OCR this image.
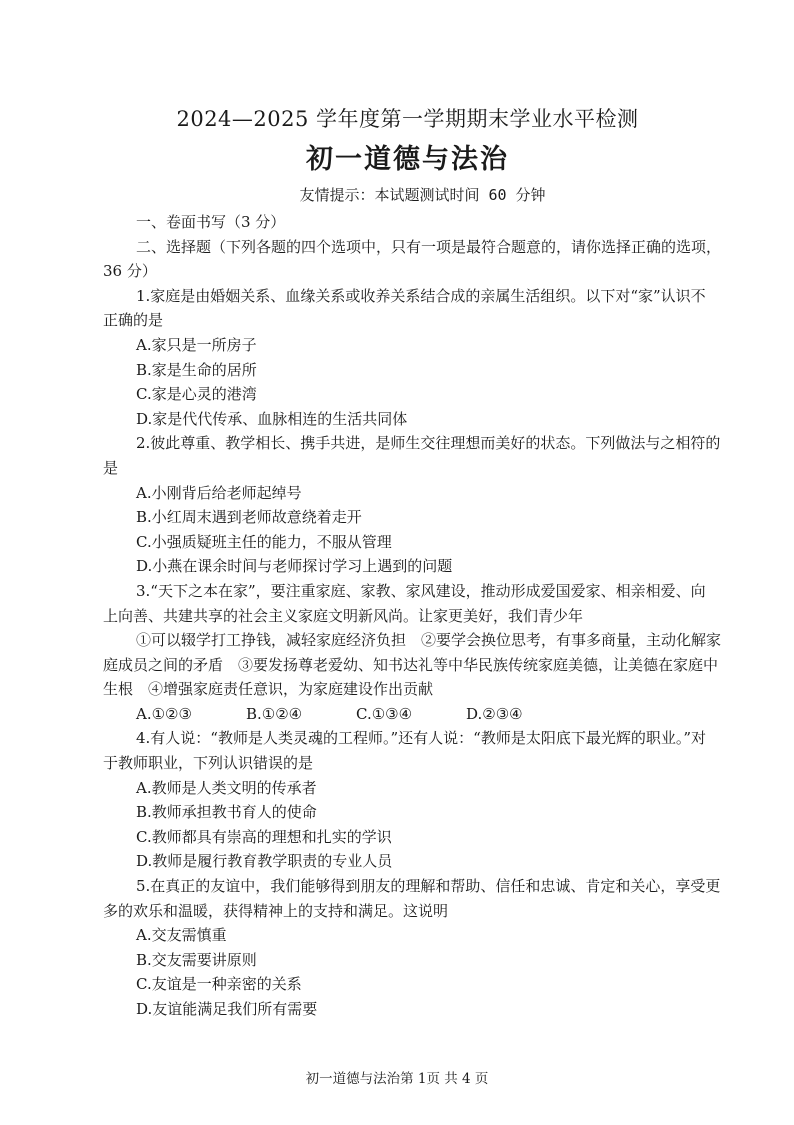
2024—2025 学年度第一学期期末学业水平检测
初一道德与法治
友情提示：本试题测试时间 60 分钟
一、卷面书写（3 分）
二、选择题（下列各题的四个选项中，只有一项是最符合题意的，请你选择正确的选项，
36 分）
1.家庭是由婚姻关系、血缘关系或收养关系结合成的亲属生活组织。以下对“家”认识不
正确的是
A.家只是一所房子
B.家是生命的居所
C.家是心灵的港湾
D.家是代代传承、血脉相连的生活共同体
2.彼此尊重、教学相长、携手共进，是师生交往理想而美好的状态。下列做法与之相符的
是
A.小刚背后给老师起绰号
B.小红周末遇到老师故意绕着走开
C.小强质疑班主任的能力，不服从管理
D.小燕在课余时间与老师探讨学习上遇到的问题
3.“天下之本在家”，要注重家庭、家教、家风建设，推动形成爱国爱家、相亲相爱、向
上向善、共建共享的社会主义家庭文明新风尚。让家更美好，我们青少年
①可以辍学打工挣钱，减轻家庭经济负担　②要学会换位思考，有事多商量，主动化解家
庭成员之间的矛盾　③要发扬尊老爱幼、知书达礼等中华民族传统家庭美德，让美德在家庭中
生根　④增强家庭责任意识，为家庭建设作出贡献
A.①②③	B.①②④	C.①③④	D.②③④
4.有人说：“教师是人类灵魂的工程师。”还有人说：“教师是太阳底下最光辉的职业。”对
于教师职业，下列认识错误的是
A.教师是人类文明的传承者
B.教师承担教书育人的使命
C.教师都具有崇高的理想和扎实的学识
D.教师是履行教育教学职责的专业人员
5.在真正的友谊中，我们能够得到朋友的理解和帮助、信任和忠诚、肯定和关心，享受更
多的欢乐和温暖，获得精神上的支持和满足。这说明
A.交友需慎重
B.交友需要讲原则
C.友谊是一种亲密的关系
D.友谊能满足我们所有需要
初一道德与法治第 1页 共 4 页
